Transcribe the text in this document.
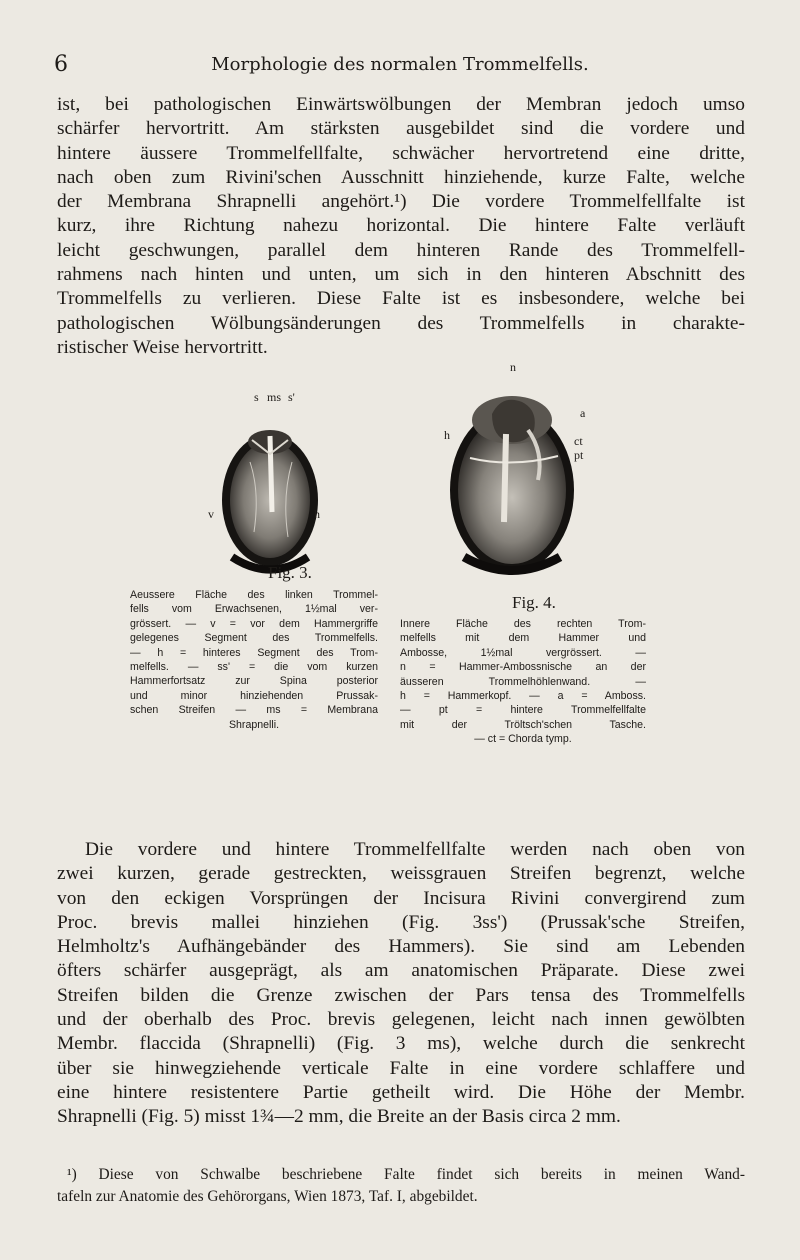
6	Morphologie des normalen Trommelfells.
ist, bei pathologischen Einwärtswölbungen der Membran jedoch umso
schärfer hervortritt. Am stärksten ausgebildet sind die vordere und
hintere äussere Trommelfellfalte, schwächer hervortretend eine dritte,
nach oben zum Rivini'schen Ausschnitt hinziehende, kurze Falte, welche
der Membrana Shrapnelli angehört.¹) Die vordere Trommelfellfalte ist
kurz, ihre Richtung nahezu horizontal. Die hintere Falte verläuft
leicht geschwungen, parallel dem hinteren Rande des Trommelfell-
rahmens nach hinten und unten, um sich in den hinteren Abschnitt des
Trommelfells zu verlieren. Diese Falte ist es insbesondere, welche bei
pathologischen Wölbungsänderungen des Trommelfells in charakte-
ristischer Weise hervortritt.
s ms s'
v	h
Fig. 3.
Aeussere Fläche des linken Trommel-
fells vom Erwachsenen, 1½mal ver-
grössert. — v = vor dem Hammergriffe
gelegenes Segment des Trommelfells.
— h = hinteres Segment des Trom-
melfells. — ss' = die vom kurzen
Hammerfortsatz zur Spina posterior
und minor hinziehenden Prussak-
schen Streifen — ms = Membrana
Shrapnelli.
n
h
a
ct
pt
Fig. 4.
Innere Fläche des rechten Trom-
melfells mit dem Hammer und
Ambosse, 1½mal vergrössert. —
n = Hammer-Ambossnische an der
äusseren Trommelhöhlenwand. —
h = Hammerkopf. — a = Amboss.
— pt = hintere Trommelfellfalte
mit der Tröltsch'schen Tasche.
— ct = Chorda tymp.
Die vordere und hintere Trommelfellfalte werden nach oben von
zwei kurzen, gerade gestreckten, weissgrauen Streifen begrenzt, welche
von den eckigen Vorsprüngen der Incisura Rivini convergirend zum
Proc. brevis mallei hinziehen (Fig. 3ss') (Prussak'sche Streifen,
Helmholtz's Aufhängebänder des Hammers). Sie sind am Lebenden
öfters schärfer ausgeprägt, als am anatomischen Präparate. Diese zwei
Streifen bilden die Grenze zwischen der Pars tensa des Trommelfells
und der oberhalb des Proc. brevis gelegenen, leicht nach innen gewölbten
Membr. flaccida (Shrapnelli) (Fig. 3 ms), welche durch die senkrecht
über sie hinwegziehende verticale Falte in eine vordere schlaffere und
eine hintere resistentere Partie getheilt wird. Die Höhe der Membr.
Shrapnelli (Fig. 5) misst 1¾—2 mm, die Breite an der Basis circa 2 mm.
¹) Diese von Schwalbe beschriebene Falte findet sich bereits in meinen Wand-
tafeln zur Anatomie des Gehörorgans, Wien 1873, Taf. I, abgebildet.
